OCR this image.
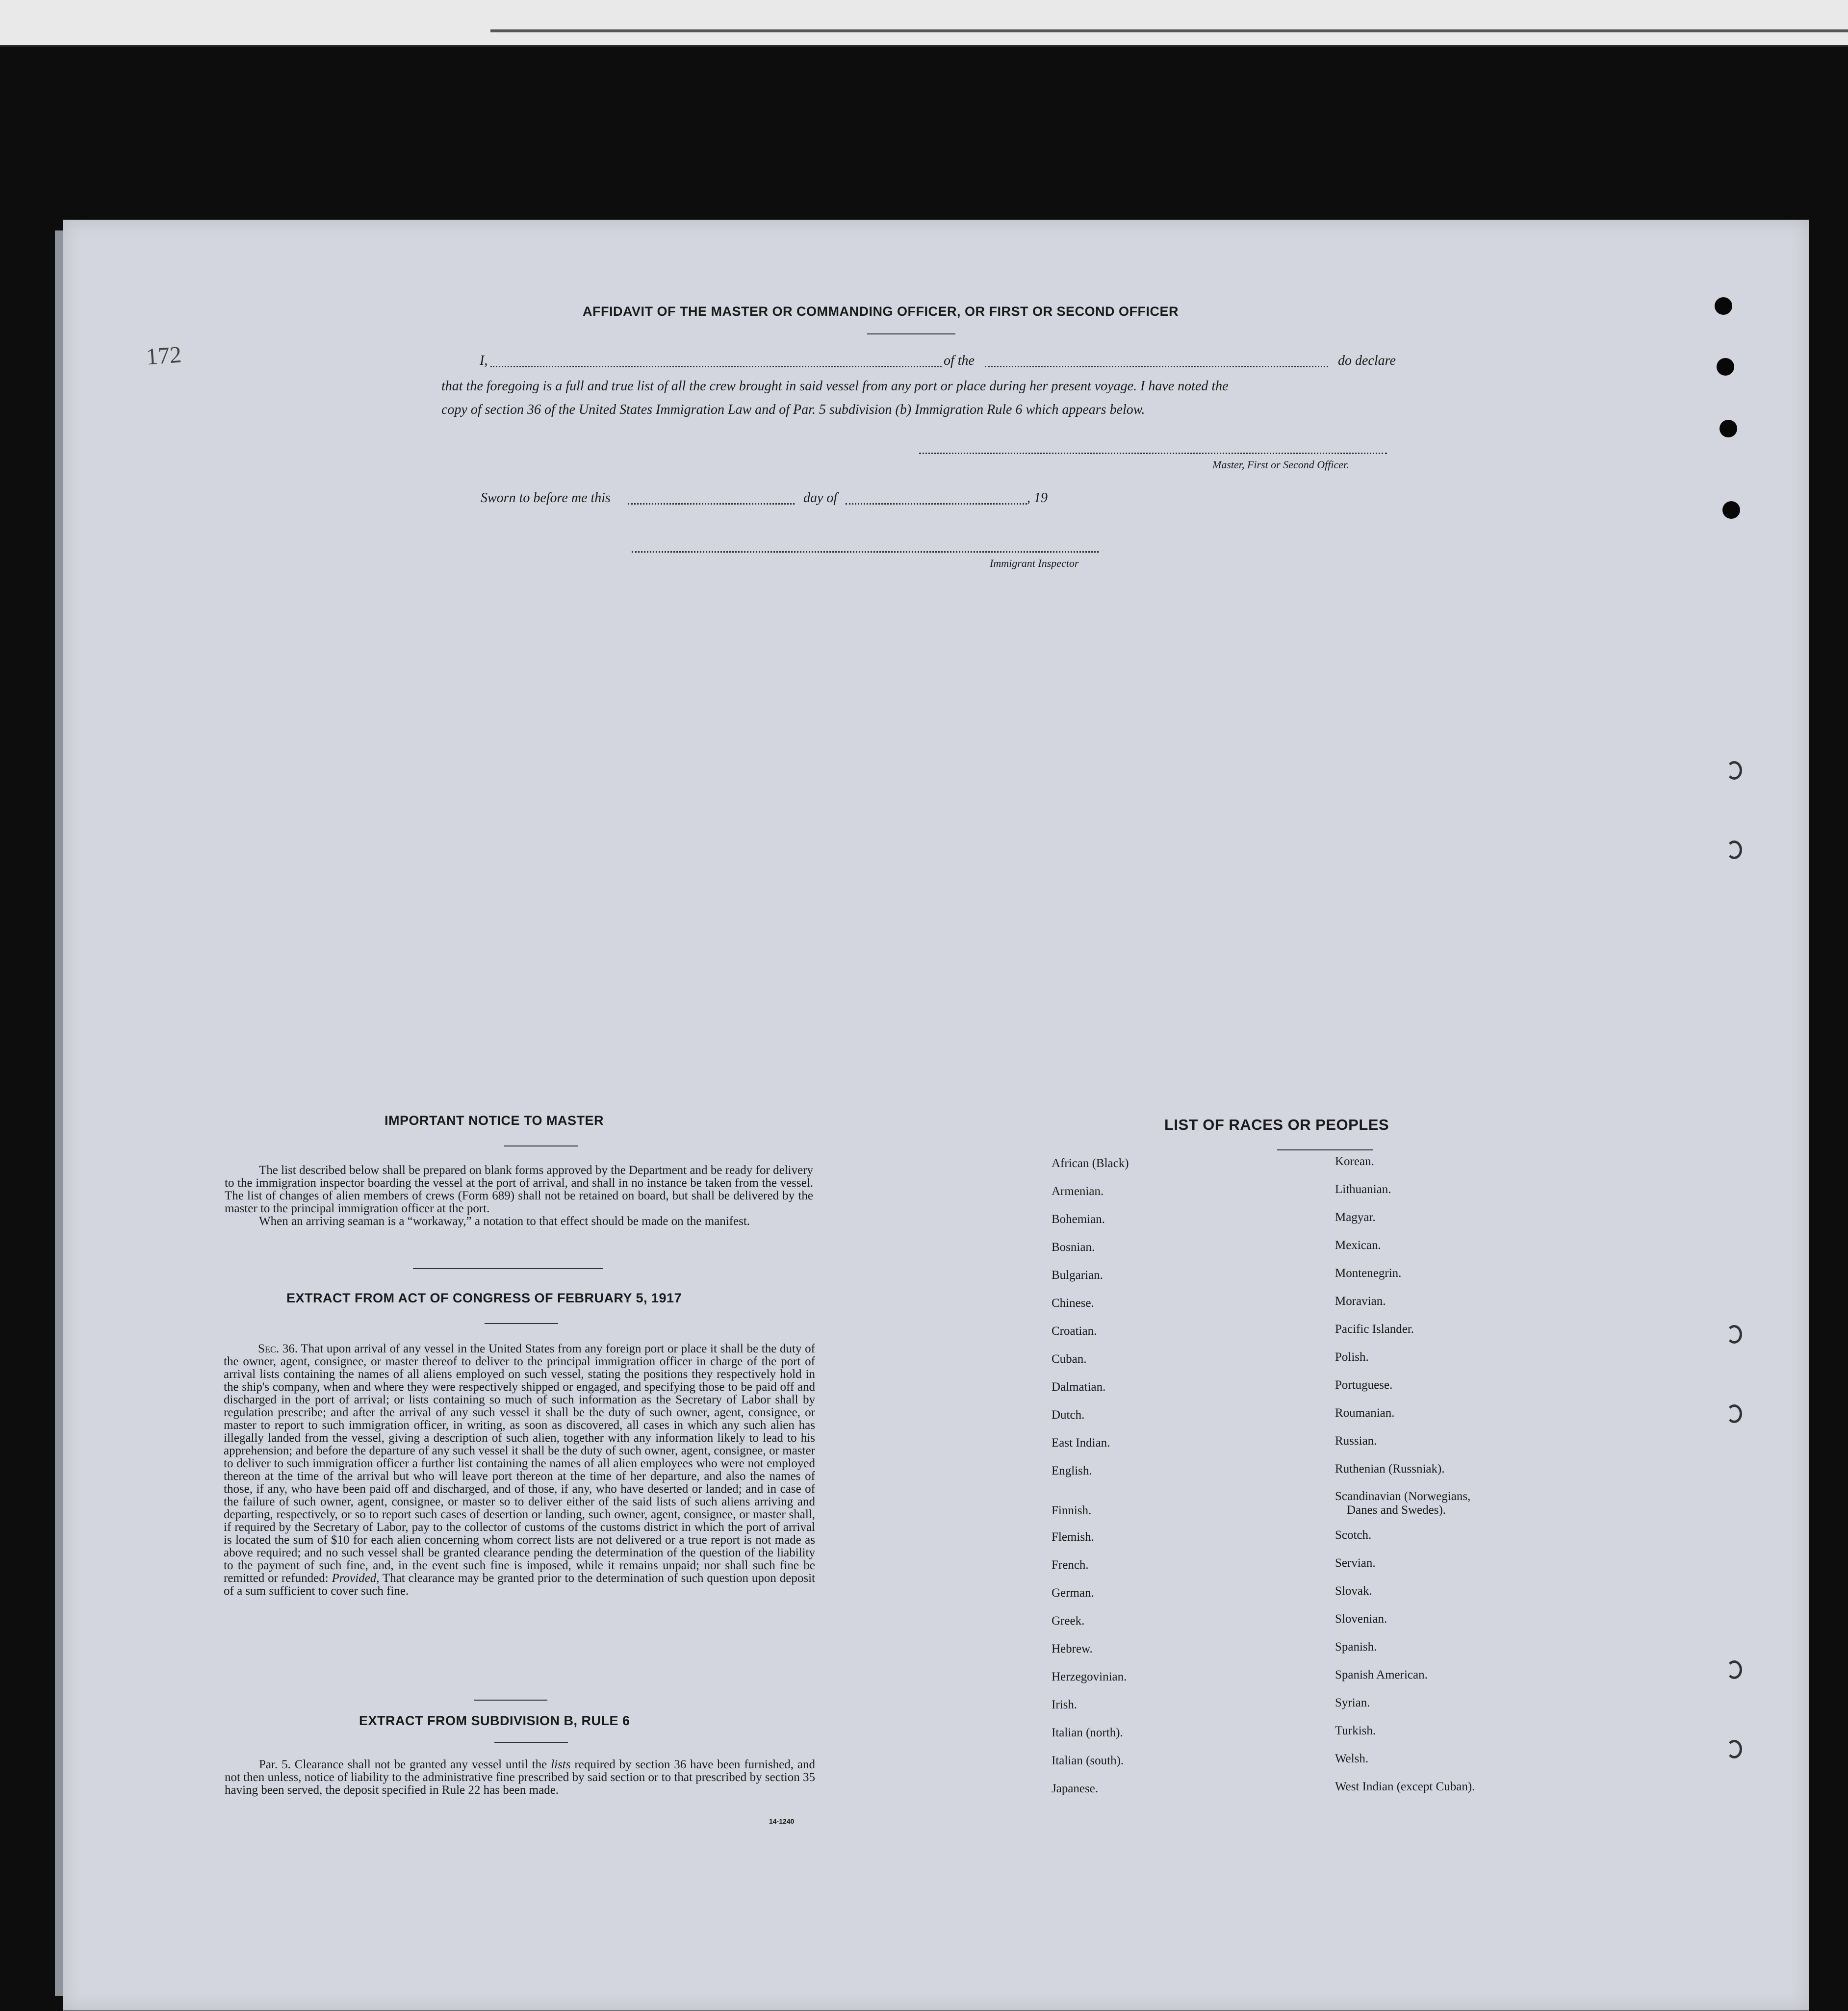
172
AFFIDAVIT OF THE MASTER OR COMMANDING OFFICER, OR FIRST OR SECOND OFFICER
I,	of the	do declare
that the foregoing is a full and true list of all the crew brought in said vessel from any port or place during her present voyage. I have noted the
copy of section 36 of the United States Immigration Law and of Par. 5 subdivision (b) Immigration Rule 6 which appears below.
Master, First or Second Officer.
Sworn to before me this	day of	, 19
Immigrant Inspector
IMPORTANT NOTICE TO MASTER

The list described below shall be prepared on blank forms approved by the Department and be ready for delivery to the immigration inspector boarding the vessel at the port of arrival, and shall in no instance be taken from the vessel. The list of changes of alien members of crews (Form 689) shall not be retained on board, but shall be delivered by the master to the principal immigration officer at the port.

When an arriving seaman is a “workaway,” a notation to that effect should be made on the manifest.

EXTRACT FROM ACT OF CONGRESS OF FEBRUARY 5, 1917

Sec. 36. That upon arrival of any vessel in the United States from any foreign port or place it shall be the duty of the owner, agent, consignee, or master thereof to deliver to the principal immigration officer in charge of the port of arrival lists containing the names of all aliens employed on such vessel, stating the positions they respectively hold in the ship's company, when and where they were respectively shipped or engaged, and specifying those to be paid off and discharged in the port of arrival; or lists containing so much of such information as the Secretary of Labor shall by regulation prescribe; and after the arrival of any such vessel it shall be the duty of such owner, agent, consignee, or master to report to such immigration officer, in writing, as soon as discovered, all cases in which any such alien has illegally landed from the vessel, giving a description of such alien, together with any information likely to lead to his apprehension; and before the departure of any such vessel it shall be the duty of such owner, agent, consignee, or master to deliver to such immigration officer a further list containing the names of all alien employees who were not employed thereon at the time of the arrival but who will leave port thereon at the time of her departure, and also the names of those, if any, who have been paid off and discharged, and of those, if any, who have deserted or landed; and in case of the failure of such owner, agent, consignee, or master so to deliver either of the said lists of such aliens arriving and departing, respectively, or so to report such cases of desertion or landing, such owner, agent, consignee, or master shall, if required by the Secretary of Labor, pay to the collector of customs of the customs district in which the port of arrival is located the sum of $10 for each alien concerning whom correct lists are not delivered or a true report is not made as above required; and no such vessel shall be granted clearance pending the determination of the question of the liability to the payment of such fine, and, in the event such fine is imposed, while it remains unpaid; nor shall such fine be remitted or refunded: Provided, That clearance may be granted prior to the determination of such question upon deposit of a sum sufficient to cover such fine.

EXTRACT FROM SUBDIVISION B, RULE 6

Par. 5. Clearance shall not be granted any vessel until the lists required by section 36 have been furnished, and not then unless, notice of liability to the administrative fine prescribed by said section or to that prescribed by section 35 having been served, the deposit specified in Rule 22 has been made.

14-1240
LIST OF RACES OR PEOPLES
African (Black)
Armenian.
Bohemian.
Bosnian.
Bulgarian.
Chinese.
Croatian.
Cuban.
Dalmatian.
Dutch.
East Indian.
English.
Finnish.
Flemish.
French.
German.
Greek.
Hebrew.
Herzegovinian.
Irish.
Italian (north).
Italian (south).
Japanese.
Korean.
Lithuanian.
Magyar.
Mexican.
Montenegrin.
Moravian.
Pacific Islander.
Polish.
Portuguese.
Roumanian.
Russian.
Ruthenian (Russniak).
Scandinavian (Norwegians,
Danes and Swedes).
Scotch.
Servian.
Slovak.
Slovenian.
Spanish.
Spanish American.
Syrian.
Turkish.
Welsh.
West Indian (except Cuban).
